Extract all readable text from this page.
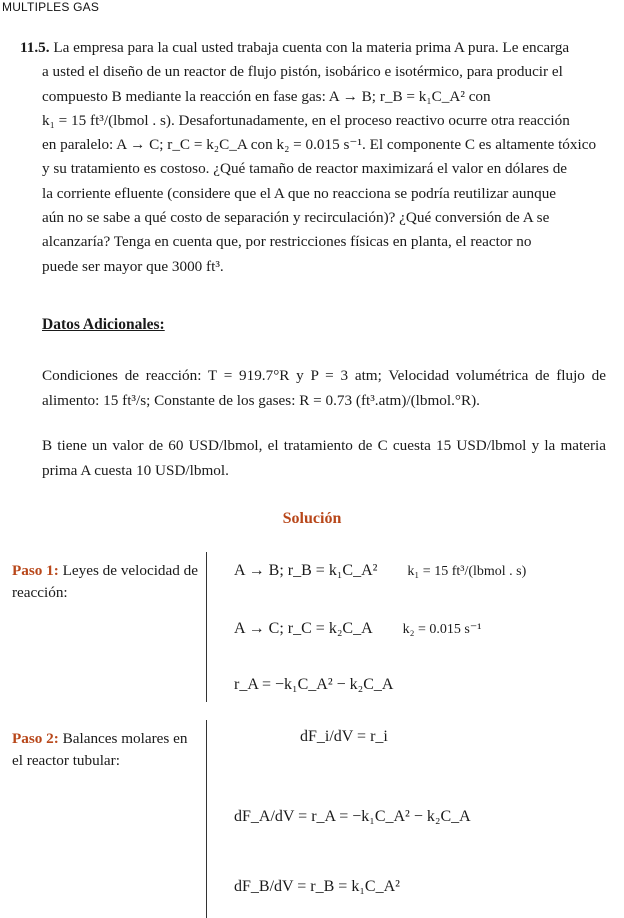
MULTIPLES GAS
11.5. La empresa para la cual usted trabaja cuenta con la materia prima A pura. Le encarga
a usted el diseño de un reactor de flujo pistón, isobárico e isotérmico, para producir el
compuesto B mediante la reacción en fase gas: A → B; r_B = k₁C_A² con
k₁ = 15 ft³/(lbmol . s). Desafortunadamente, en el proceso reactivo ocurre otra reacción
en paralelo: A → C; r_C = k₂C_A con k₂ = 0.015 s⁻¹. El componente C es altamente tóxico
y su tratamiento es costoso. ¿Qué tamaño de reactor maximizará el valor en dólares de
la corriente efluente (considere que el A que no reacciona se podría reutilizar aunque
aún no se sabe a qué costo de separación y recirculación)? ¿Qué conversión de A se
alcanzaría? Tenga en cuenta que, por restricciones físicas en planta, el reactor no
puede ser mayor que 3000 ft³.
Datos Adicionales:
Condiciones de reacción: T = 919.7°R y P = 3 atm; Velocidad volumétrica de flujo de alimento: 15 ft³/s; Constante de los gases: R = 0.73 (ft³.atm)/(lbmol.°R).
B tiene un valor de 60 USD/lbmol, el tratamiento de C cuesta 15 USD/lbmol y la materia prima A cuesta 10 USD/lbmol.
Solución
Paso 1: Leyes de velocidad de reacción:
A → B; r_B = k₁C_A² k₁ = 15 ft³/(lbmol . s)
A → C; r_C = k₂C_A k₂ = 0.015 s⁻¹
r_A = −k₁C_A² − k₂C_A
Paso 2: Balances molares en el reactor tubular:
dF_i/dV = r_i
dF_A/dV = r_A = −k₁C_A² − k₂C_A
dF_B/dV = r_B = k₁C_A²
